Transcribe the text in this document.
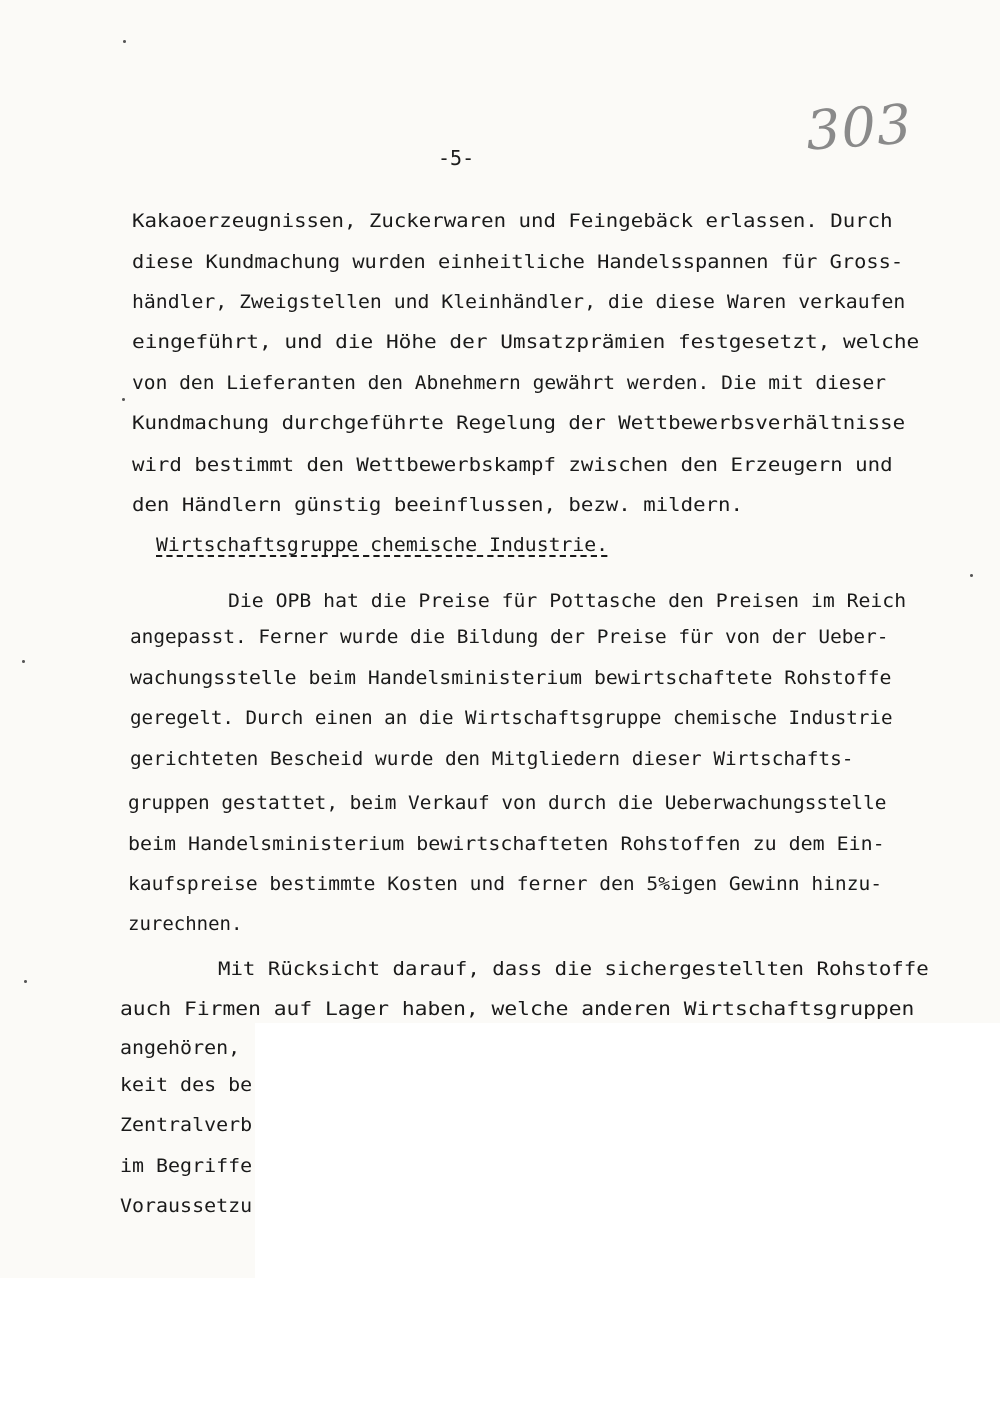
303
-5-
Kakaoerzeugnissen, Zuckerwaren und Feingebäck erlassen. Durch
diese Kundmachung wurden einheitliche Handelsspannen für Gross-
händler, Zweigstellen und Kleinhändler, die diese Waren verkaufen
eingeführt, und die Höhe der Umsatzprämien festgesetzt, welche
von den Lieferanten den Abnehmern gewährt werden. Die mit dieser
Kundmachung durchgeführte Regelung der Wettbewerbsverhältnisse
wird bestimmt den Wettbewerbskampf zwischen den Erzeugern und
den Händlern günstig beeinflussen, bezw. mildern.
Wirtschaftsgruppe chemische Industrie.
Die OPB hat die Preise für Pottasche den Preisen im Reich
angepasst. Ferner wurde die Bildung der Preise für von der Ueber-
wachungsstelle beim Handelsministerium bewirtschaftete Rohstoffe
geregelt. Durch einen an die Wirtschaftsgruppe chemische Industrie
gerichteten Bescheid wurde den Mitgliedern dieser Wirtschafts-
gruppen gestattet, beim Verkauf von durch die Ueberwachungsstelle
beim Handelsministerium bewirtschafteten Rohstoffen zu dem Ein-
kaufspreise bestimmte Kosten und ferner den 5%igen Gewinn hinzu-
zurechnen.
Mit Rücksicht darauf, dass die sichergestellten Rohstoffe
auch Firmen auf Lager haben, welche anderen Wirtschaftsgruppen
angehören,
keit des be
Zentralverb
im Begriffe
Voraussetzu
